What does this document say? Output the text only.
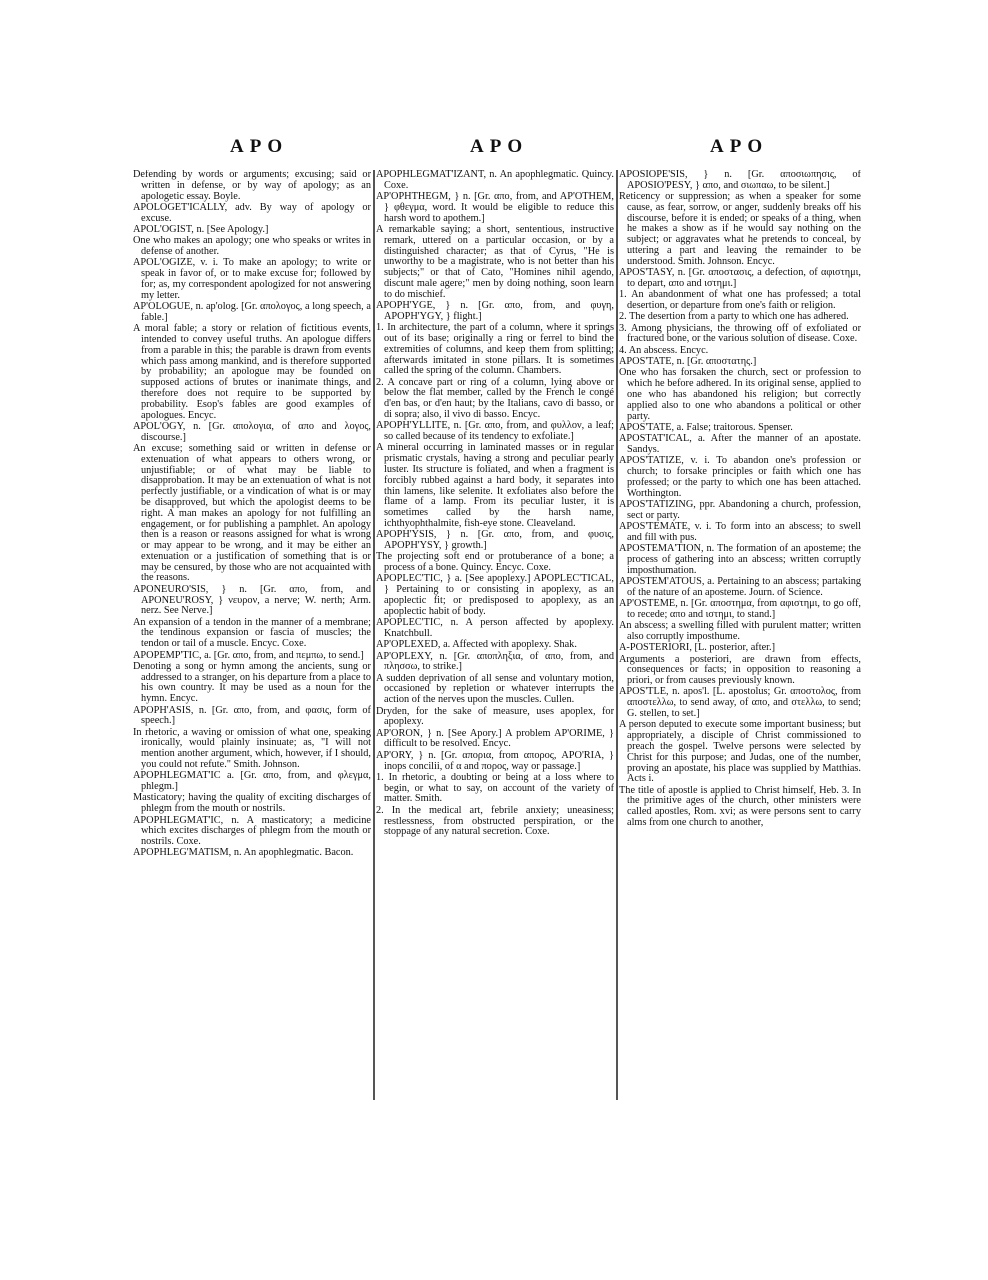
APO	APO	APO

Defending by words or arguments; excusing; said or written in defense, or by way of apology; as an apologetic essay. Boyle.

APOLOGET'ICALLY, adv. By way of apology or excuse.

APOL'OGIST, n. [See Apology.]

One who makes an apology; one who speaks or writes in defense of another.

APOL'OGIZE, v. i. To make an apology; to write or speak in favor of, or to make excuse for; followed by for; as, my correspondent apologized for not answering my letter.

AP'OLOGUE, n. ap'olog. [Gr. απολογος, a long speech, a fable.]

A moral fable; a story or relation of fictitious events, intended to convey useful truths. An apologue differs from a parable in this; the parable is drawn from events which pass among mankind, and is therefore supported by probability; an apologue may be founded on supposed actions of brutes or inanimate things, and therefore does not require to be supported by probability. Esop's fables are good examples of apologues. Encyc.

APOL'OGY, n. [Gr. απολογια, of απο and λογος, discourse.]

An excuse; something said or written in defense or extenuation of what appears to others wrong, or unjustifiable; or of what may be liable to disapprobation. It may be an extenuation of what is not perfectly justifiable, or a vindication of what is or may be disapproved, but which the apologist deems to be right. A man makes an apology for not fulfilling an engagement, or for publishing a pamphlet. An apology then is a reason or reasons assigned for what is wrong or may appear to be wrong, and it may be either an extenuation or a justification of something that is or may be censured, by those who are not acquainted with the reasons.

APONEURO'SIS, } n. [Gr. απο, from, and APONEU'ROSY, } νευρον, a nerve; W. nerth; Arm. nerz. See Nerve.]

An expansion of a tendon in the manner of a membrane; the tendinous expansion or fascia of muscles; the tendon or tail of a muscle. Encyc. Coxe.

APOPEMP'TIC, a. [Gr. απο, from, and πεμπω, to send.]

Denoting a song or hymn among the ancients, sung or addressed to a stranger, on his departure from a place to his own country. It may be used as a noun for the hymn. Encyc.

APOPH'ASIS, n. [Gr. απο, from, and φασις, form of speech.]

In rhetoric, a waving or omission of what one, speaking ironically, would plainly insinuate; as, "I will not mention another argument, which, however, if I should, you could not refute." Smith. Johnson.

APOPHLEGMAT'IC a. [Gr. απο, from, and φλεγμα, phlegm.]

Masticatory; having the quality of exciting discharges of phlegm from the mouth or nostrils.

APOPHLEGMAT'IC, n. A masticatory; a medicine which excites discharges of phlegm from the mouth or nostrils. Coxe.

APOPHLEG'MATISM, n. An apophlegmatic. Bacon.

APOPHLEGMAT'IZANT, n. An apophlegmatic. Quincy. Coxe.

AP'OPHTHEGM, } n. [Gr. απο, from, and AP'OTHEM, } φθεγμα, word. It would be eligible to reduce this harsh word to apothem.]

A remarkable saying; a short, sententious, instructive remark, uttered on a particular occasion, or by a distinguished character; as that of Cyrus, "He is unworthy to be a magistrate, who is not better than his subjects;" or that of Cato, "Homines nihil agendo, discunt male agere;" men by doing nothing, soon learn to do mischief.

APOPH'YGE, } n. [Gr. απο, from, and φυγη, APOPH'YGY, } flight.]

1. In architecture, the part of a column, where it springs out of its base; originally a ring or ferrel to bind the extremities of columns, and keep them from splitting; afterwards imitated in stone pillars. It is sometimes called the spring of the column. Chambers.

2. A concave part or ring of a column, lying above or below the flat member, called by the French le congé d'en bas, or d'en haut; by the Italians, cavo di basso, or di sopra; also, il vivo di basso. Encyc.

APOPH'YLLITE, n. [Gr. απο, from, and φυλλον, a leaf; so called because of its tendency to exfoliate.]

A mineral occurring in laminated masses or in regular prismatic crystals, having a strong and peculiar pearly luster. Its structure is foliated, and when a fragment is forcibly rubbed against a hard body, it separates into thin lamens, like selenite. It exfoliates also before the flame of a lamp. From its peculiar luster, it is sometimes called by the harsh name, ichthyophthalmite, fish-eye stone. Cleaveland.

APOPH'YSIS, } n. [Gr. απο, from, and φυσις, APOPH'YSY, } growth.]

The projecting soft end or protuberance of a bone; a process of a bone. Quincy. Encyc. Coxe.

APOPLEC'TIC, } a. [See apoplexy.] APOPLEC'TICAL, } Pertaining to or consisting in apoplexy, as an apoplectic fit; or predisposed to apoplexy, as an apoplectic habit of body.

APOPLEC'TIC, n. A person affected by apoplexy. Knatchbull.

AP'OPLEXED, a. Affected with apoplexy. Shak.

AP'OPLEXY, n. [Gr. αποπληξια, of απο, from, and πλησσω, to strike.]

A sudden deprivation of all sense and voluntary motion, occasioned by repletion or whatever interrupts the action of the nerves upon the muscles. Cullen.

Dryden, for the sake of measure, uses apoplex, for apoplexy.

AP'ORON, } n. [See Apory.] A problem AP'ORIME, } difficult to be resolved. Encyc.

AP'ORY, } n. [Gr. απορια, from απορος, APO'RIA, } inops concilii, of α and πορος, way or passage.]

1. In rhetoric, a doubting or being at a loss where to begin, or what to say, on account of the variety of matter. Smith.

2. In the medical art, febrile anxiety; uneasiness; restlessness, from obstructed perspiration, or the stoppage of any natural secretion. Coxe.

APOSIOPE'SIS, } n. [Gr. αποσιωπησις, of APOSIO'PESY, } απο, and σιωπαω, to be silent.]

Reticency or suppression; as when a speaker for some cause, as fear, sorrow, or anger, suddenly breaks off his discourse, before it is ended; or speaks of a thing, when he makes a show as if he would say nothing on the subject; or aggravates what he pretends to conceal, by uttering a part and leaving the remainder to be understood. Smith. Johnson. Encyc.

APOS'TASY, n. [Gr. αποστασις, a defection, of αφιστημι, to depart, απο and ιστημι.]

1. An abandonment of what one has professed; a total desertion, or departure from one's faith or religion.

2. The desertion from a party to which one has adhered.

3. Among physicians, the throwing off of exfoliated or fractured bone, or the various solution of disease. Coxe.

4. An abscess. Encyc.

APOS'TATE, n. [Gr. αποστατης.]

One who has forsaken the church, sect or profession to which he before adhered. In its original sense, applied to one who has abandoned his religion; but correctly applied also to one who abandons a political or other party.

APOS'TATE, a. False; traitorous. Spenser.

APOSTAT'ICAL, a. After the manner of an apostate. Sandys.

APOS'TATIZE, v. i. To abandon one's profession or church; to forsake principles or faith which one has professed; or the party to which one has been attached. Worthington.

APOS'TATIZING, ppr. Abandoning a church, profession, sect or party.

APOS'TEMATE, v. i. To form into an abscess; to swell and fill with pus.

APOSTEMA'TION, n. The formation of an aposteme; the process of gathering into an abscess; written corruptly imposthumation.

APOSTEM'ATOUS, a. Pertaining to an abscess; partaking of the nature of an aposteme. Journ. of Science.

AP'OSTEME, n. [Gr. αποστημα, from αφιστημι, to go off, to recede; απο and ιστημι, to stand.]

An abscess; a swelling filled with purulent matter; written also corruptly imposthume.

A-POSTERIORI, [L. posterior, after.]

Arguments a posteriori, are drawn from effects, consequences or facts; in opposition to reasoning a priori, or from causes previously known.

APOS'TLE, n. apos'l. [L. apostolus; Gr. αποστολος, from αποστελλω, to send away, of απο, and στελλω, to send; G. stellen, to set.]

A person deputed to execute some important business; but appropriately, a disciple of Christ commissioned to preach the gospel. Twelve persons were selected by Christ for this purpose; and Judas, one of the number, proving an apostate, his place was supplied by Matthias. Acts i.

The title of apostle is applied to Christ himself, Heb. 3. In the primitive ages of the church, other ministers were called apostles, Rom. xvi; as were persons sent to carry alms from one church to another,
